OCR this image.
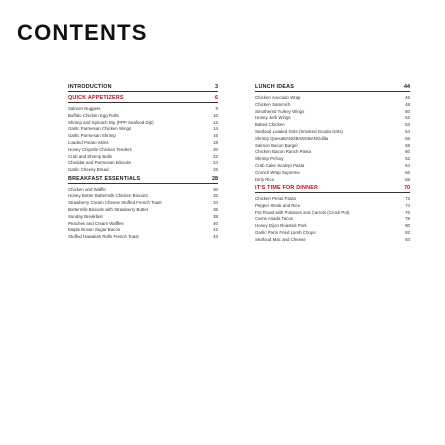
CONTENTS
INTRODUCTION	3
QUICK APPETIZERS	6
Salmon Nuggets	8
Buffalo Chicken Egg Rolls	10
Shrimp and Spinach Dip (PPP Seafood Dip)	12
Garlic Parmesan Chicken Wings	14
Garlic Parmesan Shrimp	16
Loaded Potato Skins	18
Honey Chipotle Chicken Tenders	20
Crab and Shrimp Balls	22
Cheddar and Parmesan Biscuits	24
Garlic Cheesy Bread	26
BREAKFAST ESSENTIALS	28
Chicken and Waffle	30
Honey Butter Buttermilk Chicken Biscuits	32
Strawberry Cream Cheese Stuffed French Toast	34
Buttermilk Biscuits with Strawberry Butter	36
Sunday Breakfast	38
Peaches and Cream Waffles	40
Maple Brown Sugar Bacon	42
Stuffed Hawaiian Rolls French Toast	43
LUNCH IDEAS	44
Chicken Avocado Wrap	46
Chicken Sammich	48
Smothered Turkey Wings	50
Honey Jerk Wings	52
Baked Chicken	53
Seafood Loaded Grits (Smoked Gouda Grits)	54
Shrimp QuesaBANGBANGBANGdilla	56
Salmon Bacon Burger	58
Chicken Bacon Ranch Pasta	60
Shrimp Po'boy	62
Crab Cake Scampi Pasta	64
Crunch Wrap Supreme	66
Dirty Rice	68
IT'S TIME FOR DINNER	70
Chicken Pesto Pasta	72
Pepper Steak and Rice	74
Pot Roast with Potatoes and Carrots (Crock Pot)	76
Carne Asada Tacos	78
Honey Dijon Roasted Pork	80
Garlic Parm Fried Lamb Chops	82
Seafood Mac and Cheese	84
